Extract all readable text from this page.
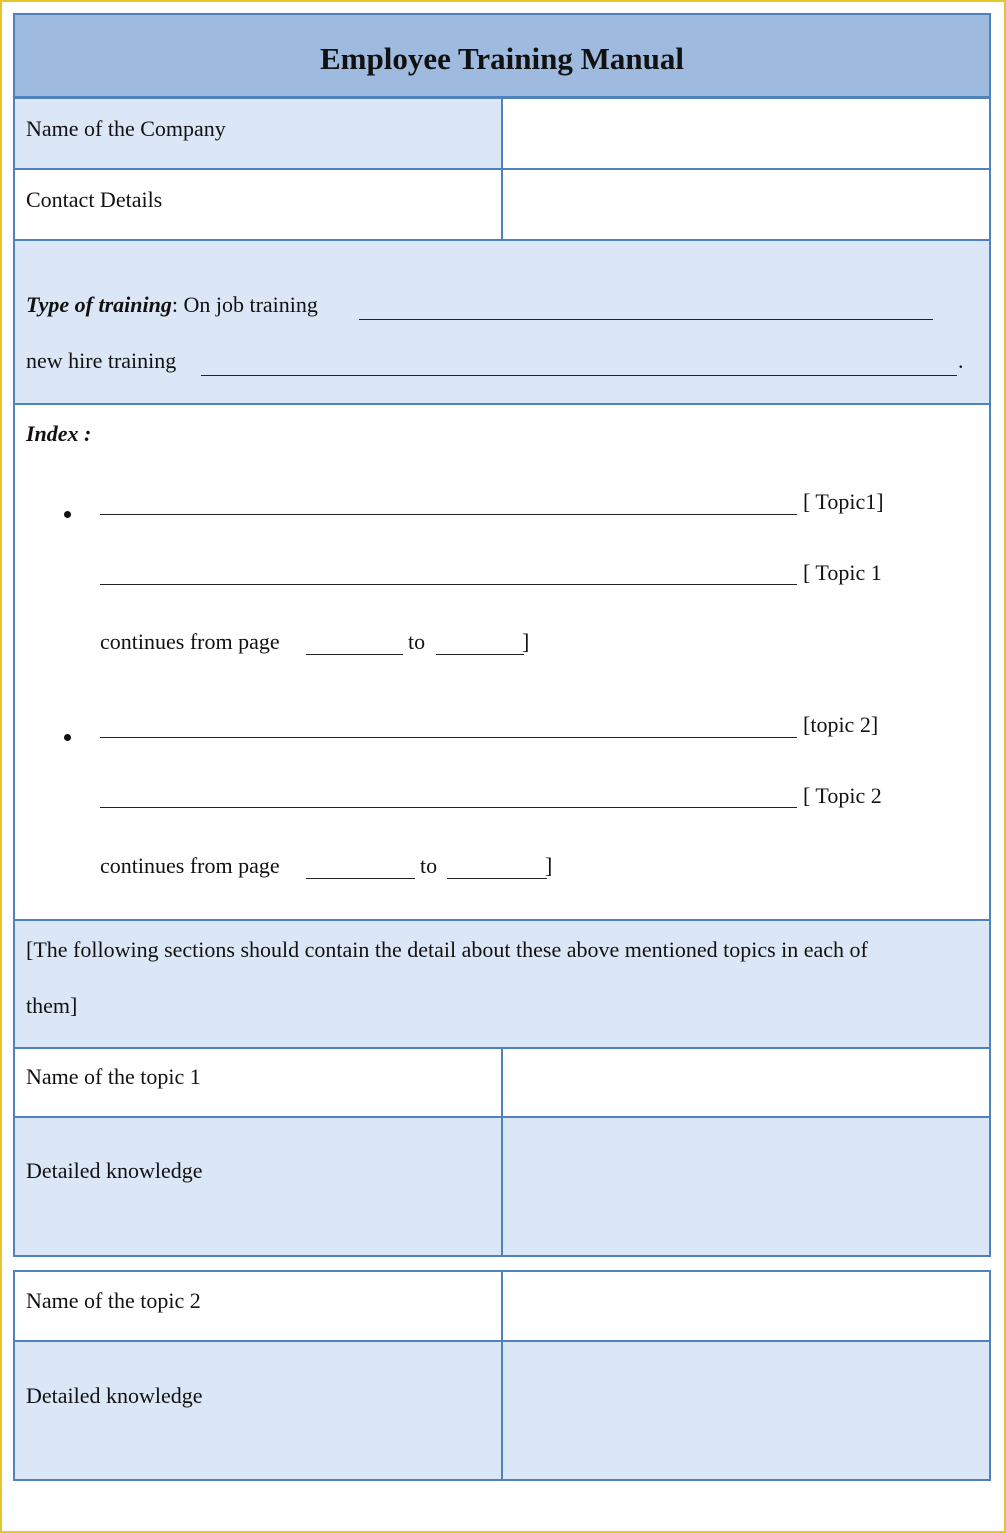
Employee Training Manual
Name of the Company
Contact Details
Type of training: On job training
new hire training	.
Index :
[ Topic1]
[ Topic 1
continues from page	to	]
[topic 2]
[ Topic 2
continues from page	to	]
[The following sections should contain the detail about these above mentioned topics in each of
them]
Name of the topic 1
Detailed knowledge
Name of the topic 2
Detailed knowledge
